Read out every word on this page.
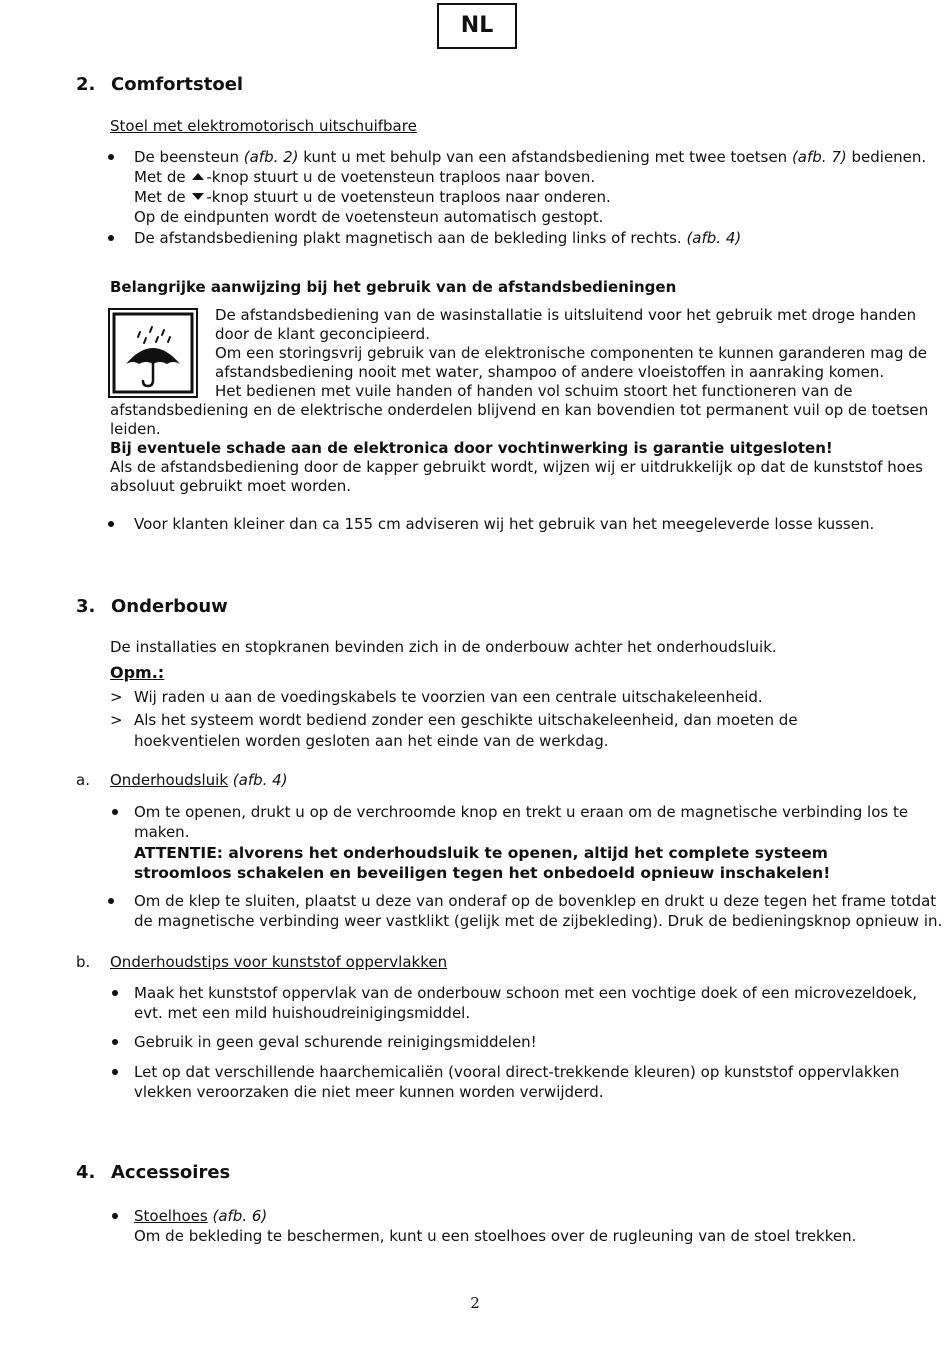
NL
2. Comfortstoel
Stoel met elektromotorisch uitschuifbare
De beensteun (afb. 2) kunt u met behulp van een afstandsbediening met twee toetsen (afb. 7) bedienen.
Met de -knop stuurt u de voetensteun traploos naar boven.
Met de -knop stuurt u de voetensteun traploos naar onderen.
Op de eindpunten wordt de voetensteun automatisch gestopt.
De afstandsbediening plakt magnetisch aan de bekleding links of rechts. (afb. 4)
Belangrijke aanwijzing bij het gebruik van de afstandsbedieningen
De afstandsbediening van de wasinstallatie is uitsluitend voor het gebruik met droge handen
door de klant geconcipieerd.
Om een storingsvrij gebruik van de elektronische componenten te kunnen garanderen mag de
afstandsbediening nooit met water, shampoo of andere vloeistoffen in aanraking komen.
Het bedienen met vuile handen of handen vol schuim stoort het functioneren van de
afstandsbediening en de elektrische onderdelen blijvend en kan bovendien tot permanent vuil op de toetsen
leiden.
Bij eventuele schade aan de elektronica door vochtinwerking is garantie uitgesloten!
Als de afstandsbediening door de kapper gebruikt wordt, wijzen wij er uitdrukkelijk op dat de kunststof hoes
absoluut gebruikt moet worden.
Voor klanten kleiner dan ca 155 cm adviseren wij het gebruik van het meegeleverde losse kussen.
3. Onderbouw
De installaties en stopkranen bevinden zich in de onderbouw achter het onderhoudsluik.
Opm.:
> Wij raden u aan de voedingskabels te voorzien van een centrale uitschakeleenheid.
> Als het systeem wordt bediend zonder een geschikte uitschakeleenheid, dan moeten de
hoekventielen worden gesloten aan het einde van de werkdag.
a. Onderhoudsluik (afb. 4)
Om te openen, drukt u op de verchroomde knop en trekt u eraan om de magnetische verbinding los te
maken.
ATTENTIE: alvorens het onderhoudsluik te openen, altijd het complete systeem
stroomloos schakelen en beveiligen tegen het onbedoeld opnieuw inschakelen!
Om de klep te sluiten, plaatst u deze van onderaf op de bovenklep en drukt u deze tegen het frame totdat
de magnetische verbinding weer vastklikt (gelijk met de zijbekleding). Druk de bedieningsknop opnieuw in.
b. Onderhoudstips voor kunststof oppervlakken
Maak het kunststof oppervlak van de onderbouw schoon met een vochtige doek of een microvezeldoek,
evt. met een mild huishoudreinigingsmiddel.
Gebruik in geen geval schurende reinigingsmiddelen!
Let op dat verschillende haarchemicaliën (vooral direct-trekkende kleuren) op kunststof oppervlakken
vlekken veroorzaken die niet meer kunnen worden verwijderd.
4. Accessoires
Stoelhoes (afb. 6)
Om de bekleding te beschermen, kunt u een stoelhoes over de rugleuning van de stoel trekken.
2
